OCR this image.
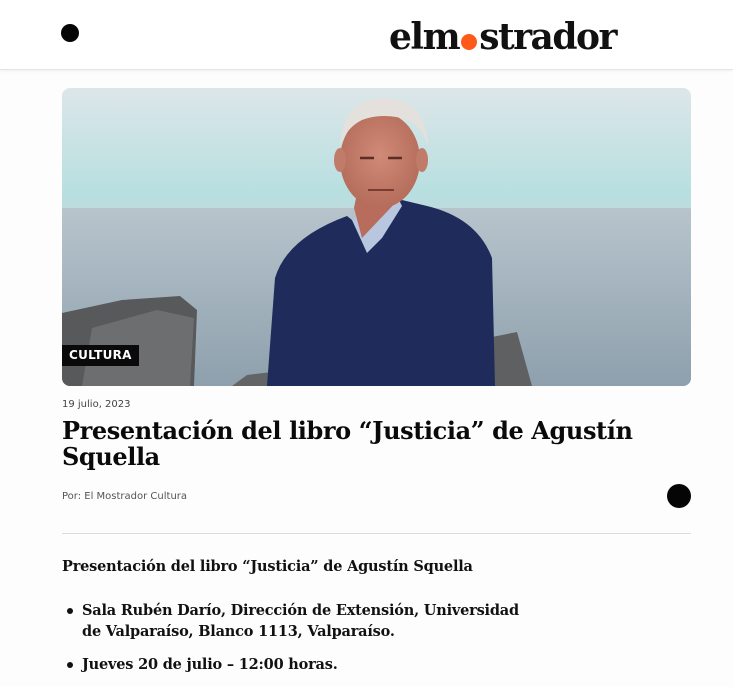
elm strador
CULTURA
19 julio, 2023
Presentación del libro “Justicia” de Agustín Squella
Por: El Mostrador Cultura

Presentación del libro “Justicia” de Agustín Squella

Sala Rubén Darío, Dirección de Extensión, Universidad de Valparaíso, Blanco 1113, Valparaíso.
Jueves 20 de julio – 12:00 horas.
